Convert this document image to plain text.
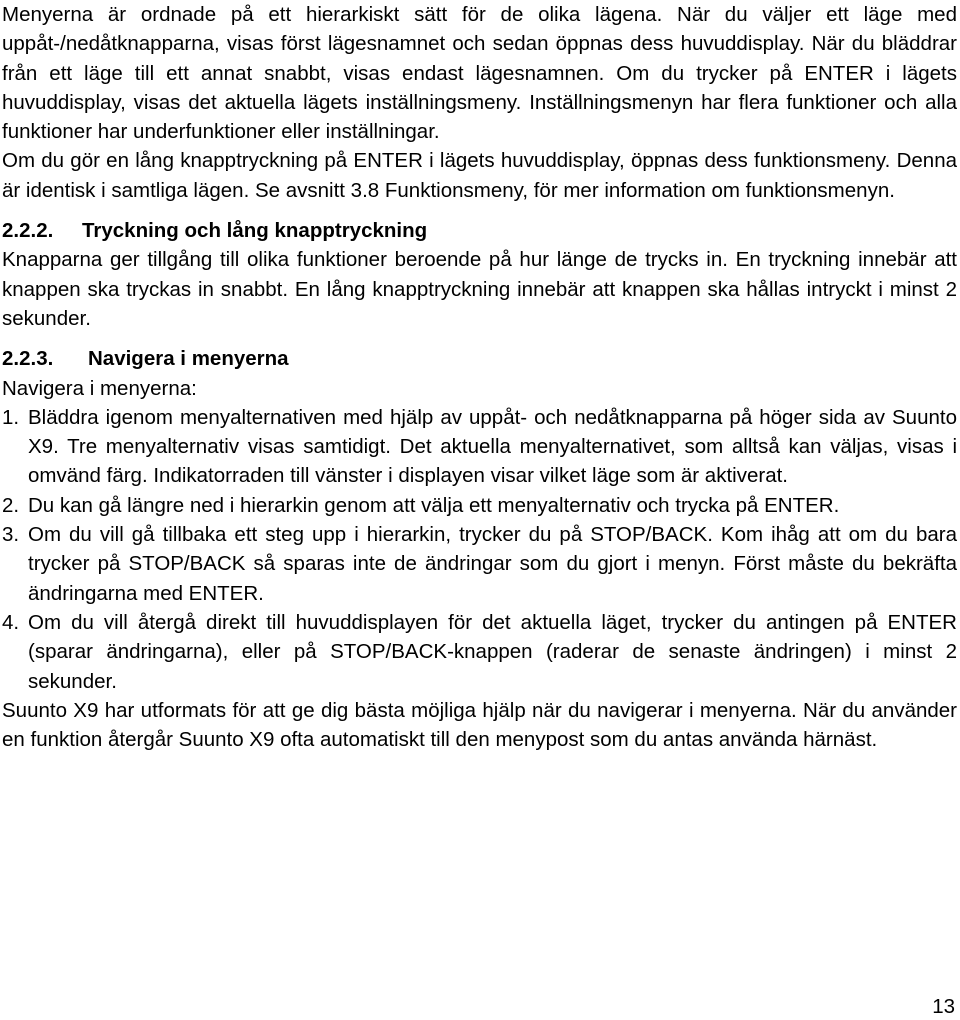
Menyerna är ordnade på ett hierarkiskt sätt för de olika lägena. När du väljer ett läge med uppåt-/nedåtknapparna, visas först lägesnamnet och sedan öppnas dess huvuddisplay. När du bläddrar från ett läge till ett annat snabbt, visas endast lägesnamnen. Om du trycker på ENTER i lägets huvuddisplay, visas det aktuella lägets inställningsmeny. Inställningsmenyn har flera funktioner och alla funktioner har underfunktioner eller inställningar.

Om du gör en lång knapptryckning på ENTER i lägets huvuddisplay, öppnas dess funktionsmeny. Denna är identisk i samtliga lägen. Se avsnitt 3.8 Funktionsmeny, för mer information om funktionsmenyn.

2.2.2. Tryckning och lång knapptryckning

Knapparna ger tillgång till olika funktioner beroende på hur länge de trycks in. En tryckning innebär att knappen ska tryckas in snabbt. En lång knapptryckning innebär att knappen ska hållas intryckt i minst 2 sekunder.

2.2.3. Navigera i menyerna

Navigera i menyerna:

1. Bläddra igenom menyalternativen med hjälp av uppåt- och nedåtknapparna på höger sida av Suunto X9. Tre menyalternativ visas samtidigt. Det aktuella menyalternativet, som alltså kan väljas, visas i omvänd färg. Indikatorraden till vänster i displayen visar vilket läge som är aktiverat.
2. Du kan gå längre ned i hierarkin genom att välja ett menyalternativ och trycka på ENTER.
3. Om du vill gå tillbaka ett steg upp i hierarkin, trycker du på STOP/BACK. Kom ihåg att om du bara trycker på STOP/BACK så sparas inte de ändringar som du gjort i menyn. Först måste du bekräfta ändringarna med ENTER.
4. Om du vill återgå direkt till huvuddisplayen för det aktuella läget, trycker du antingen på ENTER (sparar ändringarna), eller på STOP/BACK-knappen (raderar de senaste ändringen) i minst 2 sekunder.

Suunto X9 har utformats för att ge dig bästa möjliga hjälp när du navigerar i menyerna. När du använder en funktion återgår Suunto X9 ofta automatiskt till den menypost som du antas använda härnäst.

13
